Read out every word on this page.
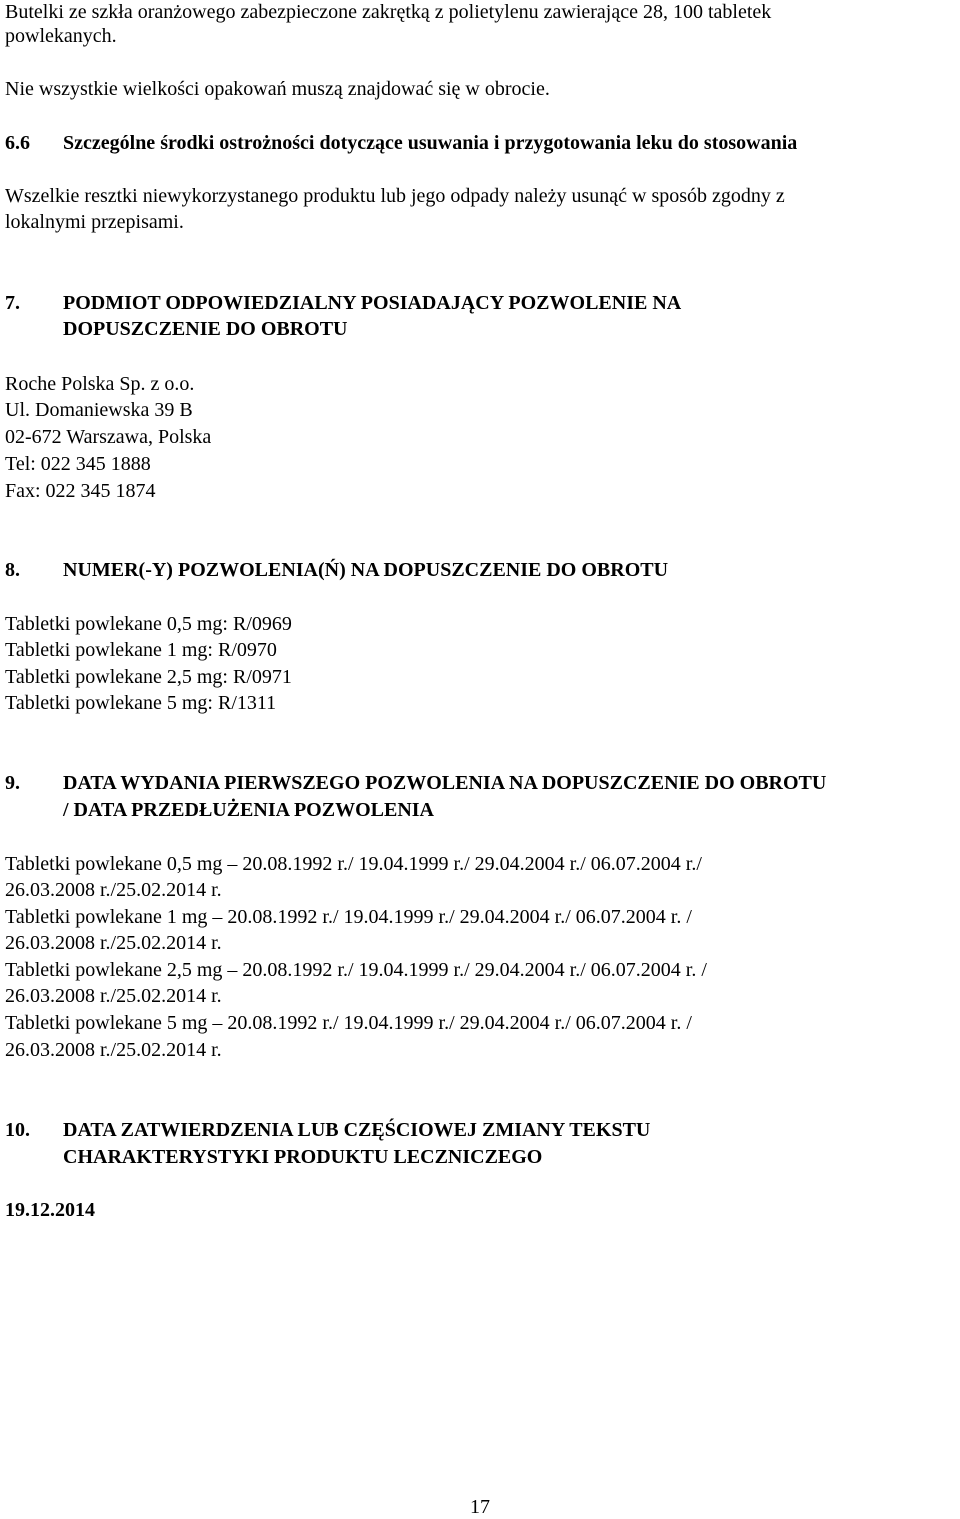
Butelki ze szkła oranżowego zabezpieczone zakrętką z polietylenu zawierające 28, 100 tabletek
powlekanych.
Nie wszystkie wielkości opakowań muszą znajdować się w obrocie.
6.6 Szczególne środki ostrożności dotyczące usuwania i przygotowania leku do stosowania
Wszelkie resztki niewykorzystanego produktu lub jego odpady należy usunąć w sposób zgodny z
lokalnymi przepisami.
7. PODMIOT ODPOWIEDZIALNY POSIADAJĄCY POZWOLENIE NA
DOPUSZCZENIE DO OBROTU
Roche Polska Sp. z o.o.
Ul. Domaniewska 39 B
02-672 Warszawa, Polska
Tel: 022 345 1888
Fax: 022 345 1874
8. NUMER(-Y) POZWOLENIA(Ń) NA DOPUSZCZENIE DO OBROTU
Tabletki powlekane 0,5 mg: R/0969
Tabletki powlekane 1 mg: R/0970
Tabletki powlekane 2,5 mg: R/0971
Tabletki powlekane 5 mg: R/1311
9. DATA WYDANIA PIERWSZEGO POZWOLENIA NA DOPUSZCZENIE DO OBROTU
/ DATA PRZEDŁUŻENIA POZWOLENIA
Tabletki powlekane 0,5 mg – 20.08.1992 r./ 19.04.1999 r./ 29.04.2004 r./ 06.07.2004 r./
26.03.2008 r./25.02.2014 r.
Tabletki powlekane 1 mg – 20.08.1992 r./ 19.04.1999 r./ 29.04.2004 r./ 06.07.2004 r. /
26.03.2008 r./25.02.2014 r.
Tabletki powlekane 2,5 mg – 20.08.1992 r./ 19.04.1999 r./ 29.04.2004 r./ 06.07.2004 r. /
26.03.2008 r./25.02.2014 r.
Tabletki powlekane 5 mg – 20.08.1992 r./ 19.04.1999 r./ 29.04.2004 r./ 06.07.2004 r. /
26.03.2008 r./25.02.2014 r.
10. DATA ZATWIERDZENIA LUB CZĘŚCIOWEJ ZMIANY TEKSTU
CHARAKTERYSTYKI PRODUKTU LECZNICZEGO
19.12.2014
17
